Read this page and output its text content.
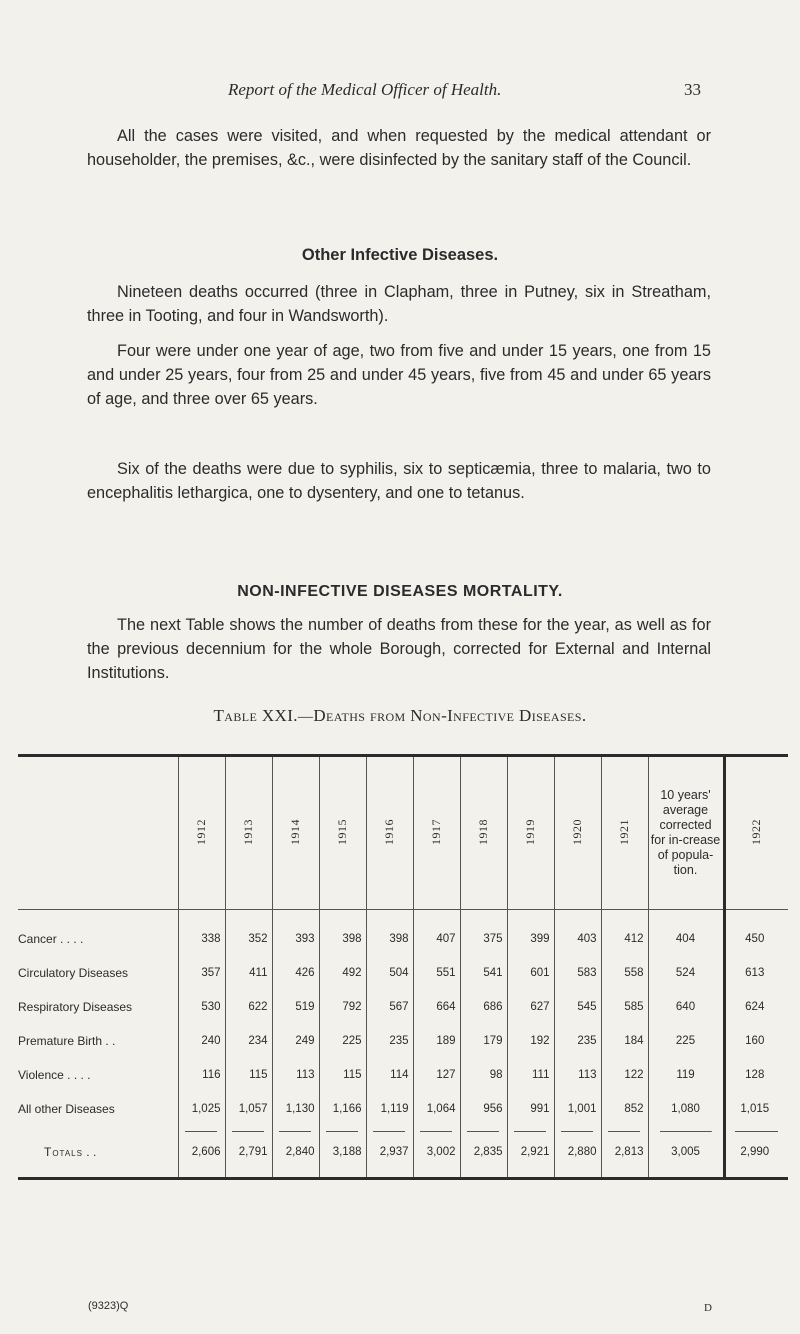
Report of the Medical Officer of Health.	33

All the cases were visited, and when requested by the medical attendant or householder, the premises, &c., were disinfected by the sanitary staff of the Council.

Other Infective Diseases.

Nineteen deaths occurred (three in Clapham, three in Putney, six in Streatham, three in Tooting, and four in Wandsworth).

Four were under one year of age, two from five and under 15 years, one from 15 and under 25 years, four from 25 and under 45 years, five from 45 and under 65 years of age, and three over 65 years.

Six of the deaths were due to syphilis, six to septicæmia, three to malaria, two to encephalitis lethargica, one to dysentery, and one to tetanus.

NON-INFECTIVE DISEASES MORTALITY.

The next Table shows the number of deaths from these for the year, as well as for the previous decennium for the whole Borough, corrected for External and Internal Institutions.

Table XXI.—Deaths from Non-Infective Diseases.
	1912	1913	1914	1915	1916	1917	1918	1919	1920	1921	10 years' average corrected for in-crease of popula-tion.	1922
Cancer . . . .	338	352	393	398	398	407	375	399	403	412	404	450
Circulatory Diseases	357	411	426	492	504	551	541	601	583	558	524	613
Respiratory Diseases	530	622	519	792	567	664	686	627	545	585	640	624
Premature Birth . .	240	234	249	225	235	189	179	192	235	184	225	160
Violence . . . .	116	115	113	115	114	127	98	111	113	122	119	128
All other Diseases	1,025	1,057	1,130	1,166	1,119	1,064	956	991	1,001	852	1,080	1,015
Totals . .	2,606	2,791	2,840	3,188	2,937	3,002	2,835	2,921	2,880	2,813	3,005	2,990
(9323)Q	D
